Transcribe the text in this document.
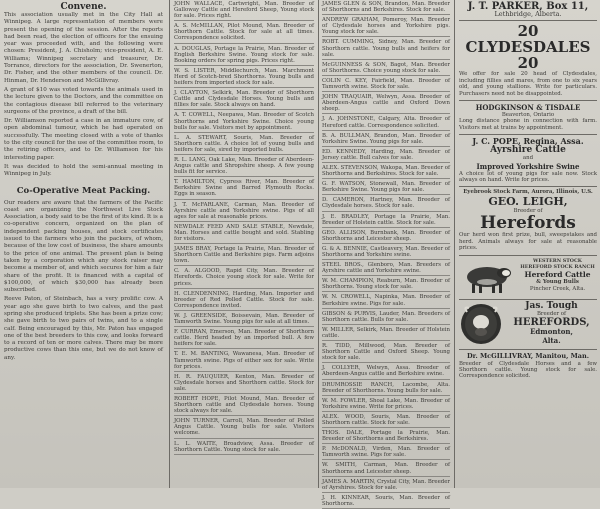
Convene.

This association usually met in the City Hall at Winnipeg. A large representation of members were present the opening of the session. After the reports had been read, the election of officers for the ensuing year was proceeded with, and the following were chosen: President, J. A. Chisholm; vice-president, A. E. Williams; Winnipeg secretary and treasurer, Dr. Torrance, directors for the association, Dr. Swenerton, Dr. Fisher, and the other members of the council. Dr. Hinman, Dr. Henderson and McGillivray.

A grant of $10 was voted towards the animals used in the lecture given to the Doctors, and the committee on the contagious disease bill referred to the veterinary surgeons of the province, a draft of the bill.

Dr. Williamson reported a case in an immature cow, of open abdominal tumour, which he had operated on successfully. The meeting closed with a vote of thanks to the city council for the use of the committee room, to the retiring officers, and to Dr. Williamson for his interesting paper.

It was decided to hold the semi-annual meeting in Winnipeg in July.

Co-Operative Meat Packing.

Our readers are aware that the farmers of the Pacific coast are organizing the Northwest Live Stock Association, a body said to be the first of its kind. It is a co-operative concern, organized on the plan of independent packing houses, and stock certificates issued to the farmers who join the packers, of whom, because of the low cost of business, the share amounts to the price of one animal. The present plan is being taken by a corporation which any stock raiser may become a member of, and which secures for him a fair share of the profit. It is financed with a capital of $100,000, of which $30,000 has already been subscribed.

Reeve Paton, of Steinbach, has a very prolific cow. A year ago she gave birth to two calves, and the past spring she produced triplets. She has been a prize cow; she gave birth to two pairs of twins, and to a single calf. Being encouraged by this, Mr. Paton has engaged one of the best breeders to this cow, and looks forward to a record of ten or more calves. There may be more productive cows than this one, but we do not know of any.

JOHN WALLACE, Cartwright, Man. Breeder of Galloway Cattle and Hereford Sheep, Young stock for sale. Prices right.
A. S. McMILLAN, Pilot Mound, Man. Breeder of Shorthorn Cattle. Stock for sale at all times. Correspondence solicited.
A. DOUGLAS, Portage la Prairie, Man. Breeder of English Berkshire Swine. Young stock for sale. Booking orders for spring pigs. Prices right.
W. S. LISTER, Middlechurch, Man. Marchmont Herd of Scotch-bred Shorthorns. Young bulls and heifers from imported stock for sale.
J. CLAYTON, Selkirk, Man. Breeder of Shorthorn Cattle and Clydesdale Horses. Young bulls and fillies for sale. Stock always on hand.
A. T. COWELL, Neepawa, Man. Breeder of Scotch Shorthorns and Yorkshire Swine. Choice young bulls for sale. Visitors met by appointment.
L. A. STEWART, Souris, Man. Breeder of Shorthorn cattle. A choice lot of young bulls and heifers for sale, sired by imported bulls.
R. L. LANG, Oak Lake, Man. Breeder of Aberdeen-Angus cattle and Shropshire sheep. A few young bulls fit for service.
T. HAMILTON, Cypress River, Man. Breeder of Berkshire Swine and Barred Plymouth Rocks. Eggs in season.
J. T. McFARLANE, Carman, Man. Breeder of Ayrshire cattle and Yorkshire swine. Pigs of all ages for sale at reasonable prices.
NEWDALE FEED AND SALE STABLE, Newdale, Man. Horses and cattle bought and sold. Stabling for visitors.
JAMES BRAY, Portage la Prairie, Man. Breeder of Shorthorn Cattle and Berkshire pigs. Farm adjoins town.
C. A. ALGOOD, Rapid City, Man. Breeder of Herefords. Choice young stock for sale. Write for prices.
H. CLENDENNING, Harding, Man. Importer and breeder of Red Polled Cattle. Stock for sale. Correspondence invited.
W. J. GREENSIDE, Boissevain, Man. Breeder of Tamworth Swine. Young pigs for sale at all times.
F. CURRAN, Emerson, Man. Breeder of Shorthorn cattle. Herd headed by an imported bull. A few heifers for sale.
T. E. M. BANTING, Wawanesa, Man. Breeder of Tamworth swine. Pigs of either sex for sale. Write for prices.
H. R. FAUQUIER, Kenton, Man. Breeder of Clydesdale horses and Shorthorn cattle. Stock for sale.
ROBERT HOPE, Pilot Mound, Man. Breeder of Shorthorn cattle and Clydesdale horses. Young stock always for sale.
JOHN TURNER, Carroll, Man. Breeder of Polled Angus Cattle. Young bulls for sale. Visitors welcome.
L. L. WAITE, Broadview, Assa. Breeder of Shorthorn Cattle. Young stock for sale.
JAMES GLEN & SON, Brandon, Man. Breeder of Shorthorns and Berkshires. Stock for sale.
ANDREW GRAHAM, Pomeroy, Man. Breeder of Clydesdale horses and Yorkshire pigs. Young stock for sale.
ROBT. CUMMING, Sidney, Man. Breeder of Shorthorn cattle. Young bulls and heifers for sale.
McGUINNESS & SON, Bagot, Man. Breeder of Shorthorns. Choice young stock for sale.
COLIN C. KEY, Fairfield, Man. Breeder of Tamworth swine. Stock for sale.
JOHN TRAQUAIR, Welwyn, Assa. Breeder of Aberdeen-Angus cattle and Oxford Down sheep.
J. A. JOHNSTONE, Calgary, Alta. Breeder of Hereford cattle. Correspondence solicited.
B. A. BULLMAN, Brandon, Man. Breeder of Yorkshire Swine. Young pigs for sale.
ED. KENNEDY, Harding, Man. Breeder of Jersey cattle. Bull calves for sale.
ALEX. STEVENSON, Wakopa, Man. Breeder of Shorthorns and Berkshires. Stock for sale.
G. F. WATSON, Stonewall, Man. Breeder of Berkshire Swine. Young pigs for sale.
D. CAMERON, Hartney, Man. Breeder of Clydesdale horses. Stock for sale.
J. E. BRADLEY, Portage la Prairie, Man. Breeder of Holstein cattle. Stock for sale.
GEO. ALLISON, Burnbank, Man. Breeder of Shorthorns and Leicester sheep.
G. & A. BENNIE, Castleavery, Man. Breeder of Shorthorns and Yorkshire swine.
STEEL BROS., Glenboro, Man. Breeders of Ayrshire cattle and Yorkshire swine.
W. M. CHAMPION, Reaburn, Man. Breeder of Shorthorns. Young stock for sale.
W. N. CROWELL, Napinka, Man. Breeder of Berkshire swine. Pigs for sale.
GIBSON & PURVIS, Lauder, Man. Breeders of Shorthorn cattle. Bulls for sale.
W. MILLER, Selkirk, Man. Breeder of Holstein cattle.
R. TIDD, Millwood, Man. Breeder of Shorthorn Cattle and Oxford Sheep. Young stock for sale.
J. COLLYER, Welwyn, Assa. Breeder of Aberdeen-Angus cattle and Berkshire swine.
DRUMROSSIE RANCH, Lacombe, Alta. Breeder of Shorthorns. Young bulls for sale.
W. M. FOWLER, Shoal Lake, Man. Breeder of Yorkshire swine. Write for prices.
ALEX. WOOD, Souris, Man. Breeder of Shorthorn cattle. Stock for sale.
THOS. DALE, Portage la Prairie, Man. Breeder of Shorthorns and Berkshires.
P. McDONALD, Virden, Man. Breeder of Tamworth swine. Pigs for sale.
W. SMITH, Carman, Man. Breeder of Shorthorns and Leicester sheep.
JAMES A. MARTIN, Crystal City, Man. Breeder of Ayrshires. Stock for sale.
J. H. KINNEAR, Souris, Man. Breeder of Shorthorns.
J. T. PARKER, Box 11,
Lethbridge, Alberta.
20 CLYDESDALES 20
We offer for sale 20 head of Clydesdales, including fillies and mares, from one to six years old, and young stallions. Write for particulars. Purchasers need not be disappointed.
HODGKINSON & TISDALE
Beaverton, Ontario
Long distance phone in connection with farm. Visitors met at trains by appointment.
J. C. POPE, Regina, Assa.
Ayrshire Cattle
and
Improved Yorkshire Swine
A choice lot of young pigs for sale now. Stock always on hand. Write for prices.
Eyebrook Stock Farm, Aurora, Illinois, U.S.
GEO. LEIGH,
Breeder of
Herefords
Our herd won first prize, bull, sweepstakes and herd. Animals always for sale at reasonable prices.
WESTERN STOCK HEREFORD STOCK RANCH
Hereford Cattle
& Young Bulls
Pincher Creek, Alta.
Jas. Tough
Breeder of
HEREFORDS,
Edmonton,
Alta.
Dr. McGILLIVRAY, Manitou, Man.
Breeder of Clydesdale Horses and a few Shorthorn cattle. Young stock for sale. Correspondence solicited.
